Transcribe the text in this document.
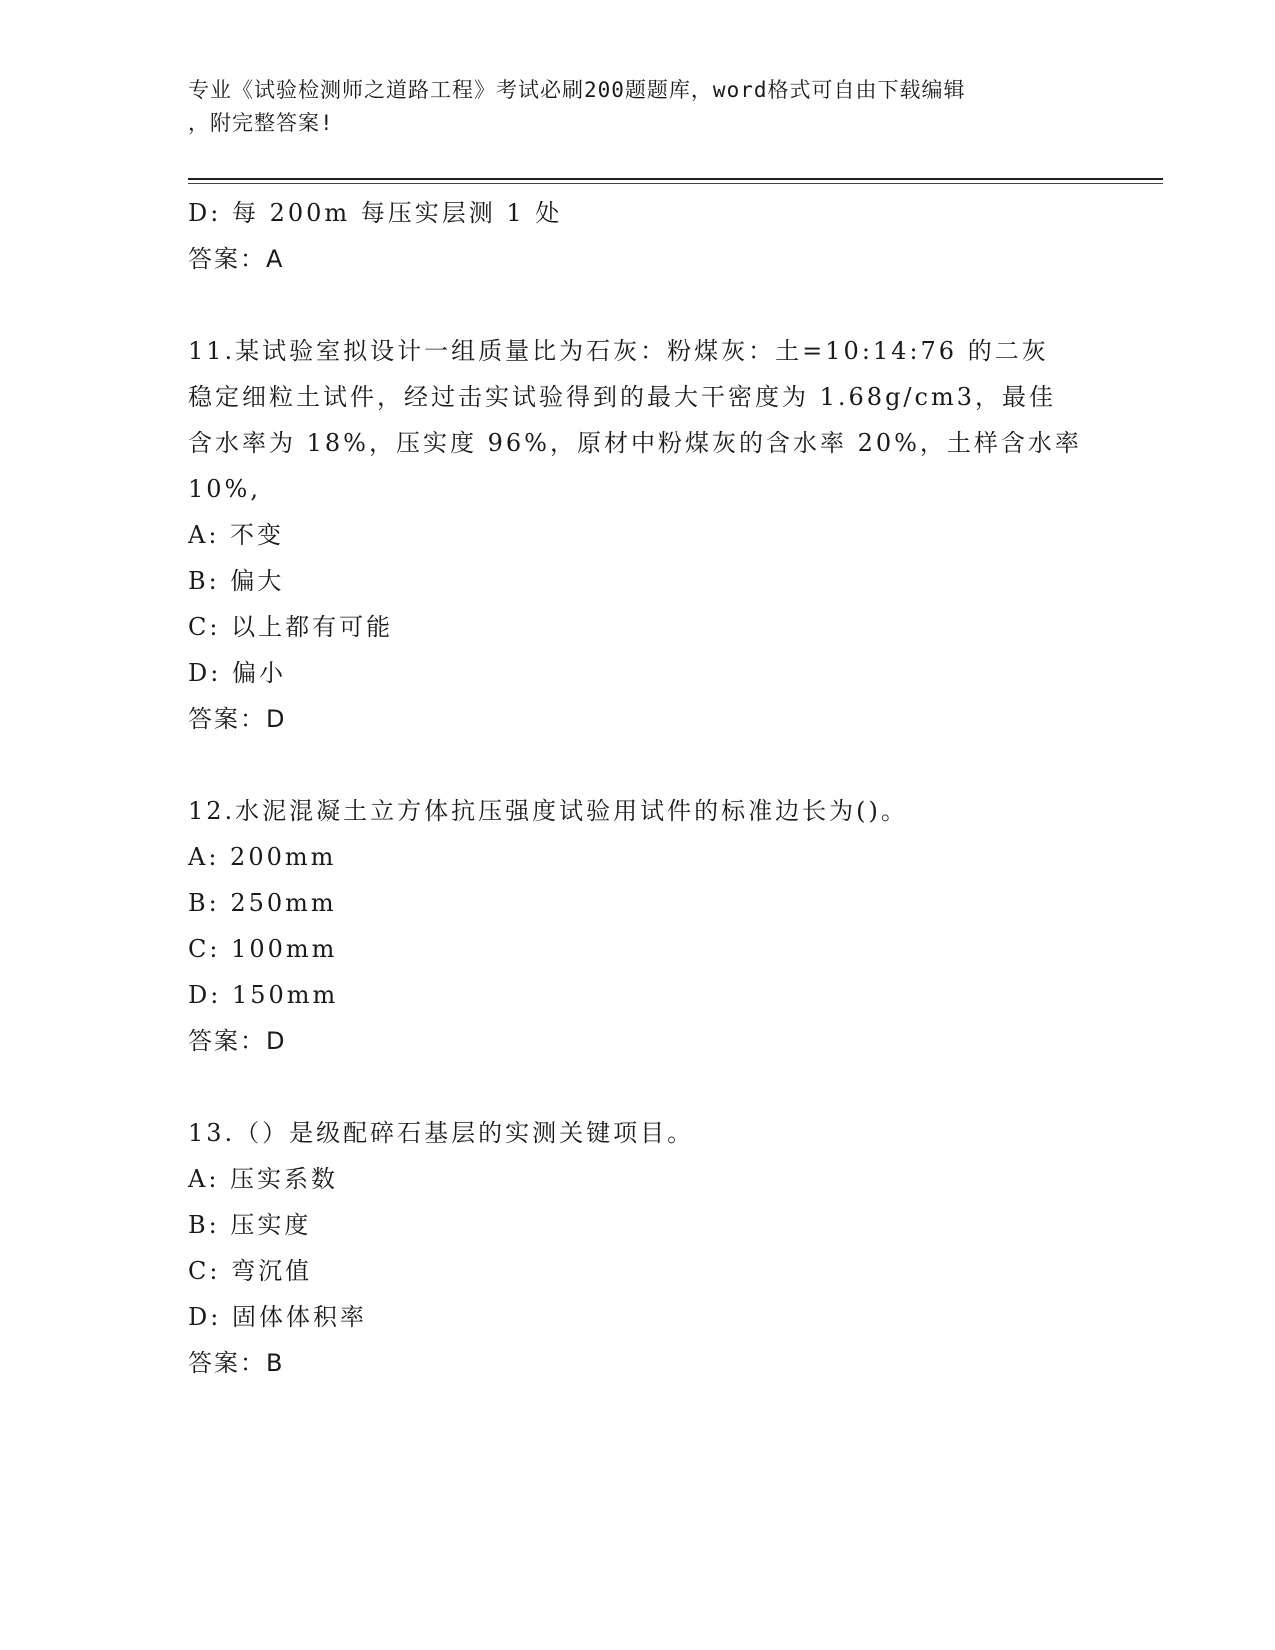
专业《试验检测师之道路工程》考试必刷200题题库，word格式可自由下载编辑
，附完整答案!
D: 每 200m 每压实层测 1 处
答案：A
11.某试验室拟设计一组质量比为石灰：粉煤灰：土=10:14:76 的二灰
稳定细粒土试件，经过击实试验得到的最大干密度为 1.68g/cm3，最佳
含水率为 18%，压实度 96%，原材中粉煤灰的含水率 20%，土样含水率
10%,
A: 不变
B: 偏大
C: 以上都有可能
D: 偏小
答案：D
12.水泥混凝土立方体抗压强度试验用试件的标准边长为()。
A: 200mm
B: 250mm
C: 100mm
D: 150mm
答案：D
13.（）是级配碎石基层的实测关键项目。
A: 压实系数
B: 压实度
C: 弯沉值
D: 固体体积率
答案：B
